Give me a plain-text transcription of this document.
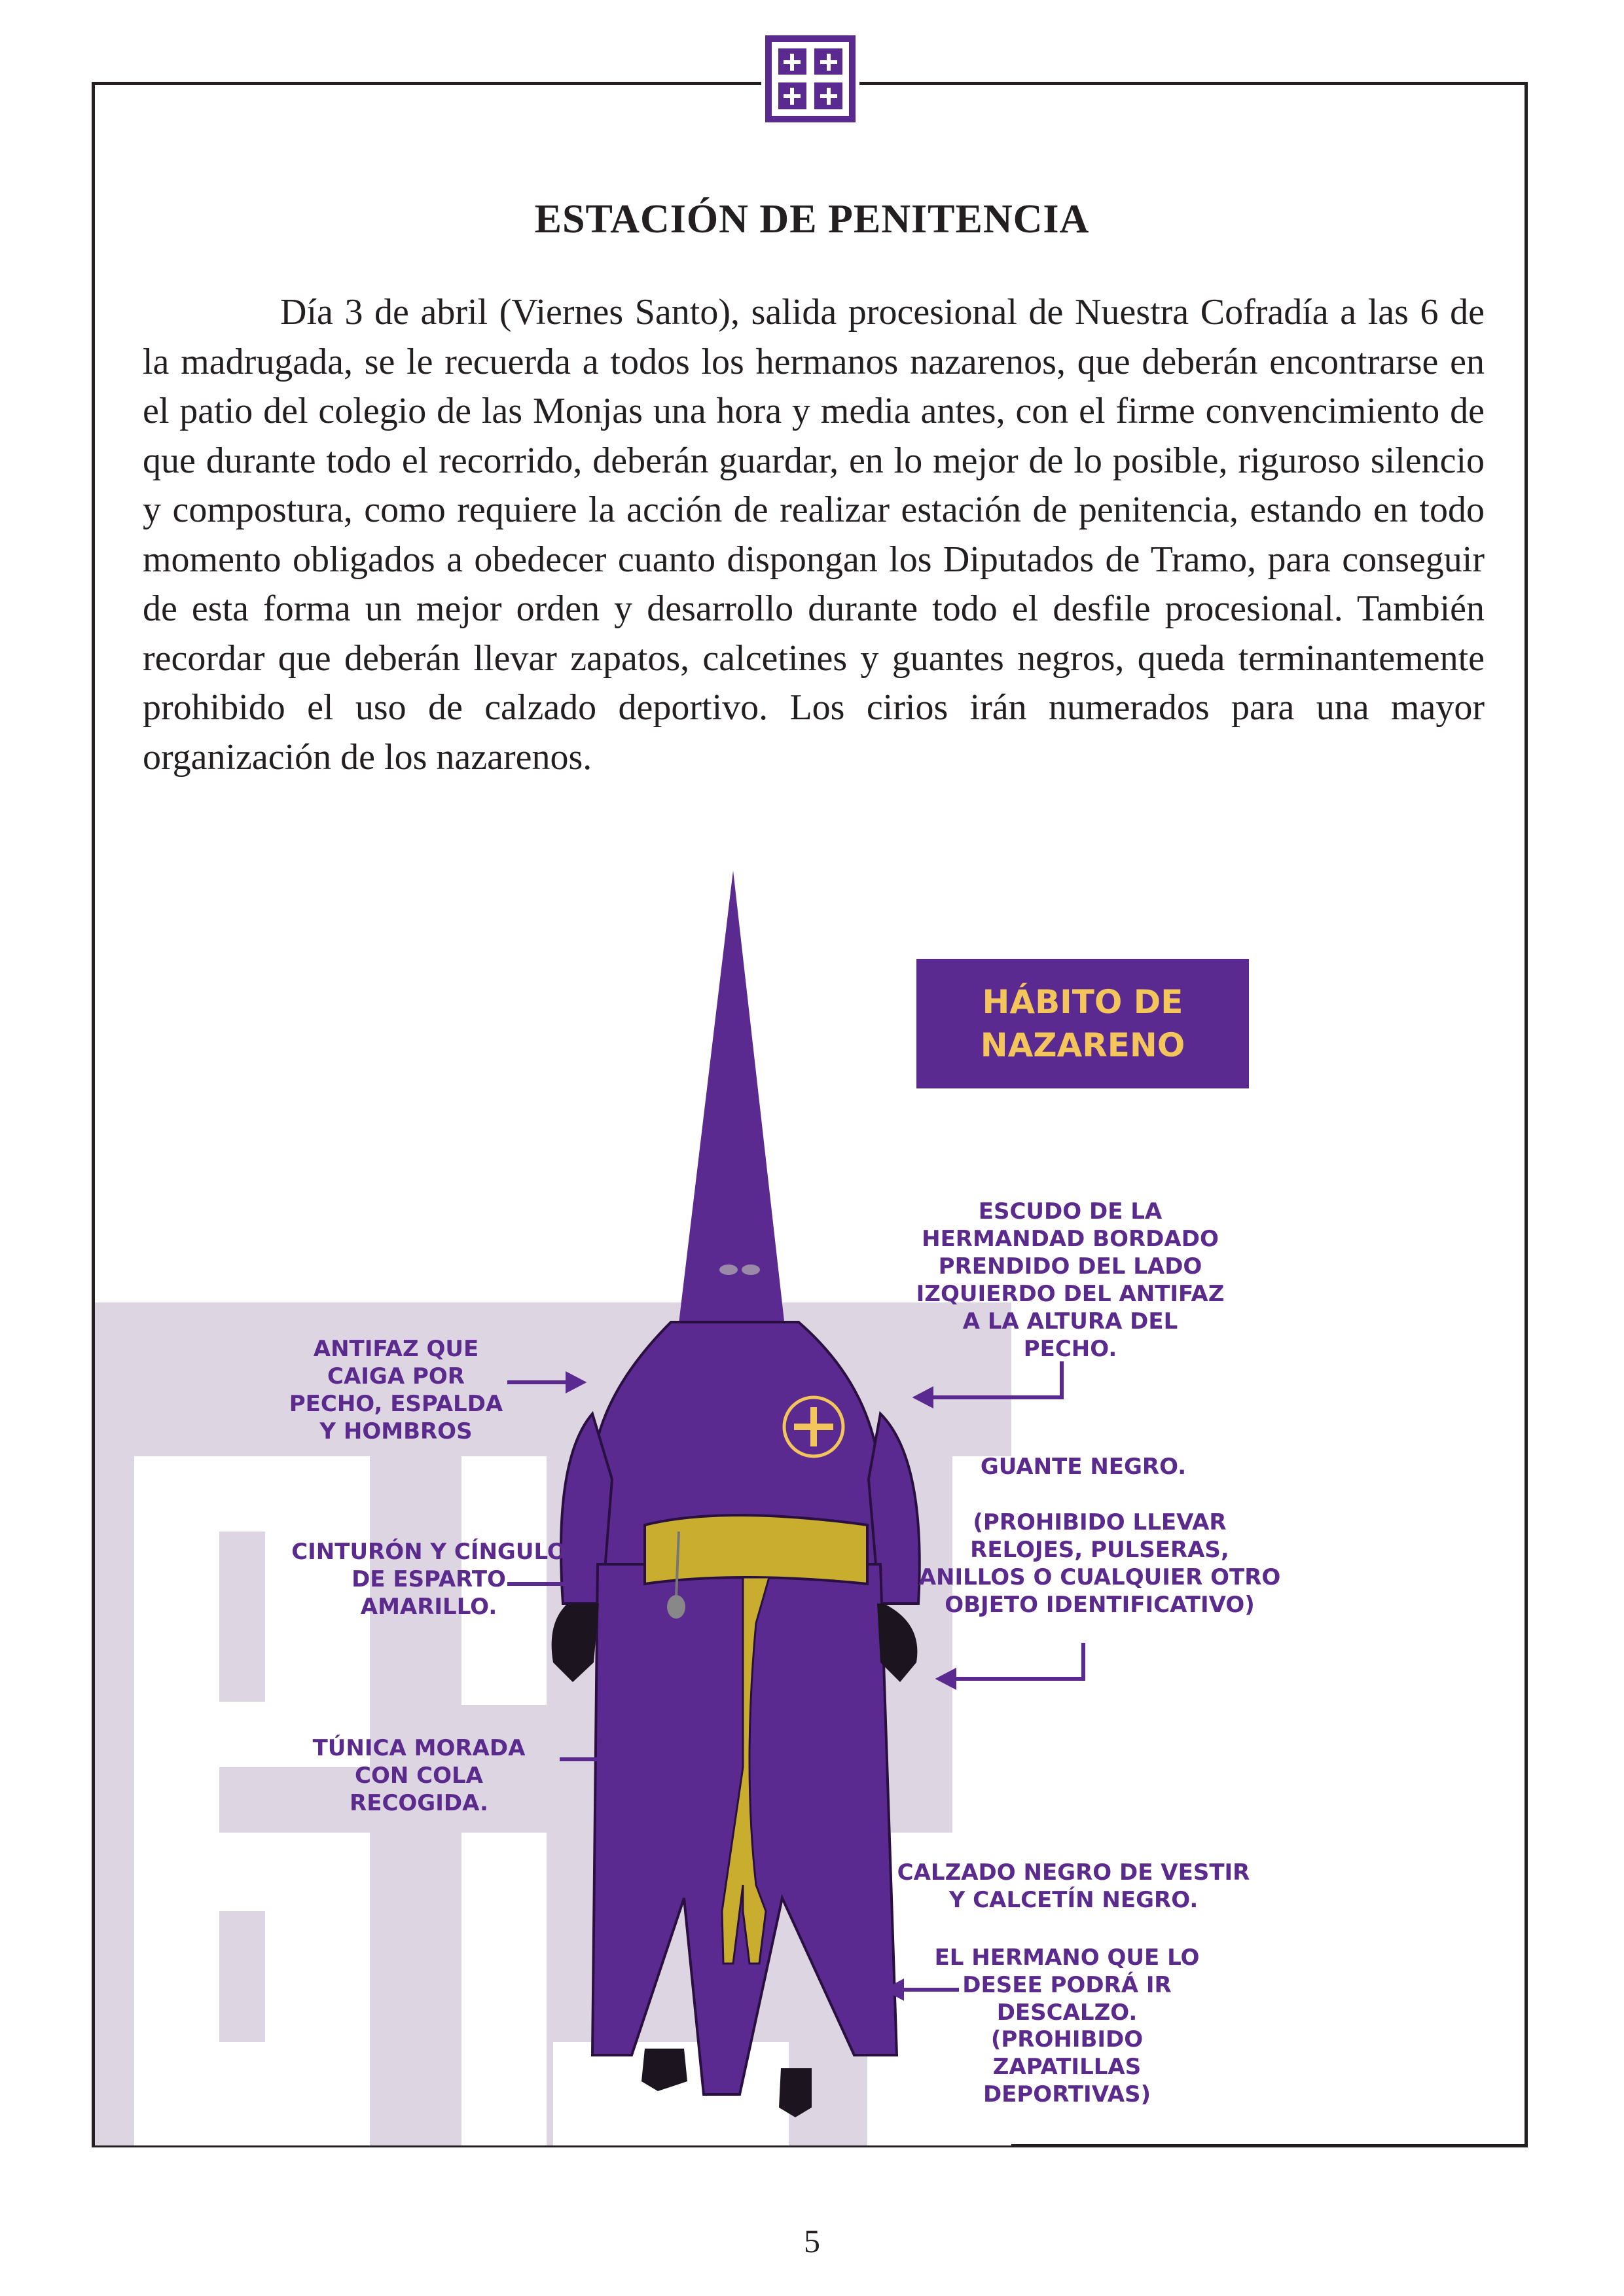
ESTACIÓN DE PENITENCIA

Día 3 de abril (Viernes Santo), salida procesional de Nuestra Cofradía a las 6 de la madrugada, se le recuerda a todos los hermanos nazarenos, que deberán encontrarse en el patio del colegio de las Monjas una hora y media antes, con el firme convencimiento de que durante todo el recorrido, deberán guardar, en lo mejor de lo posible, riguroso silencio y compostura, como requiere la acción de realizar estación de penitencia, estando en todo momento obligados a obedecer cuanto dispongan los Diputados de Tramo, para conseguir de esta forma un mejor orden y desarrollo durante todo el desfile procesional. También recordar que deberán llevar zapatos, calcetines y guantes negros, queda terminantemente prohibido el uso de calzado deportivo. Los cirios irán numerados para una mayor organización de los nazarenos.

HÁBITO DE NAZARENO
ANTIFAZ QUE CAIGA POR PECHO, ESPALDA Y HOMBROS
CINTURÓN Y CÍNGULO DE ESPARTO AMARILLO.
TÚNICA MORADA CON COLA RECOGIDA.
ESCUDO DE LA HERMANDAD BORDADO PRENDIDO DEL LADO IZQUIERDO DEL ANTIFAZ A LA ALTURA DEL PECHO.
GUANTE NEGRO.
(PROHIBIDO LLEVAR RELOJES, PULSERAS, ANILLOS O CUALQUIER OTRO OBJETO IDENTIFICATIVO)
CALZADO NEGRO DE VESTIR Y CALCETÍN NEGRO.
EL HERMANO QUE LO DESEE PODRÁ IR DESCALZO.
(PROHIBIDO ZAPATILLAS DEPORTIVAS)
5
